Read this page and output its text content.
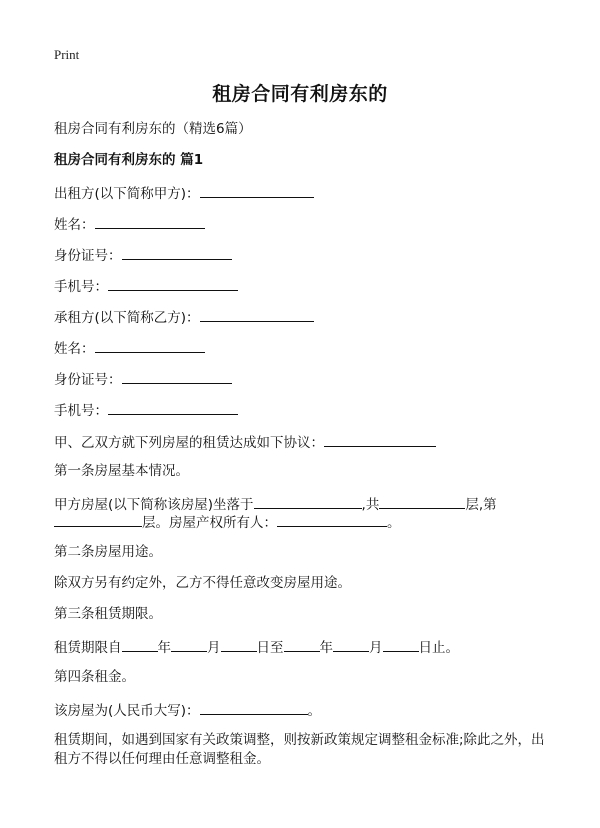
Print
租房合同有利房东的
租房合同有利房东的（精选6篇）
租房合同有利房东的 篇1
出租方(以下简称甲方)：
姓名：
身份证号：
手机号：
承租方(以下简称乙方)：
姓名：
身份证号：
手机号：
甲、乙双方就下列房屋的租赁达成如下协议：
第一条房屋基本情况。
甲方房屋(以下简称该房屋)坐落于	,共	层,第
层。房屋产权所有人：	。
第二条房屋用途。
除双方另有约定外，乙方不得任意改变房屋用途。
第三条租赁期限。
租赁期限自	年	月	日至	年	月	日止。
第四条租金。
该房屋为(人民币大写)：	。
租赁期间，如遇到国家有关政策调整，则按新政策规定调整租金标准;除此之外，出租方不得以任何理由任意调整租金。
